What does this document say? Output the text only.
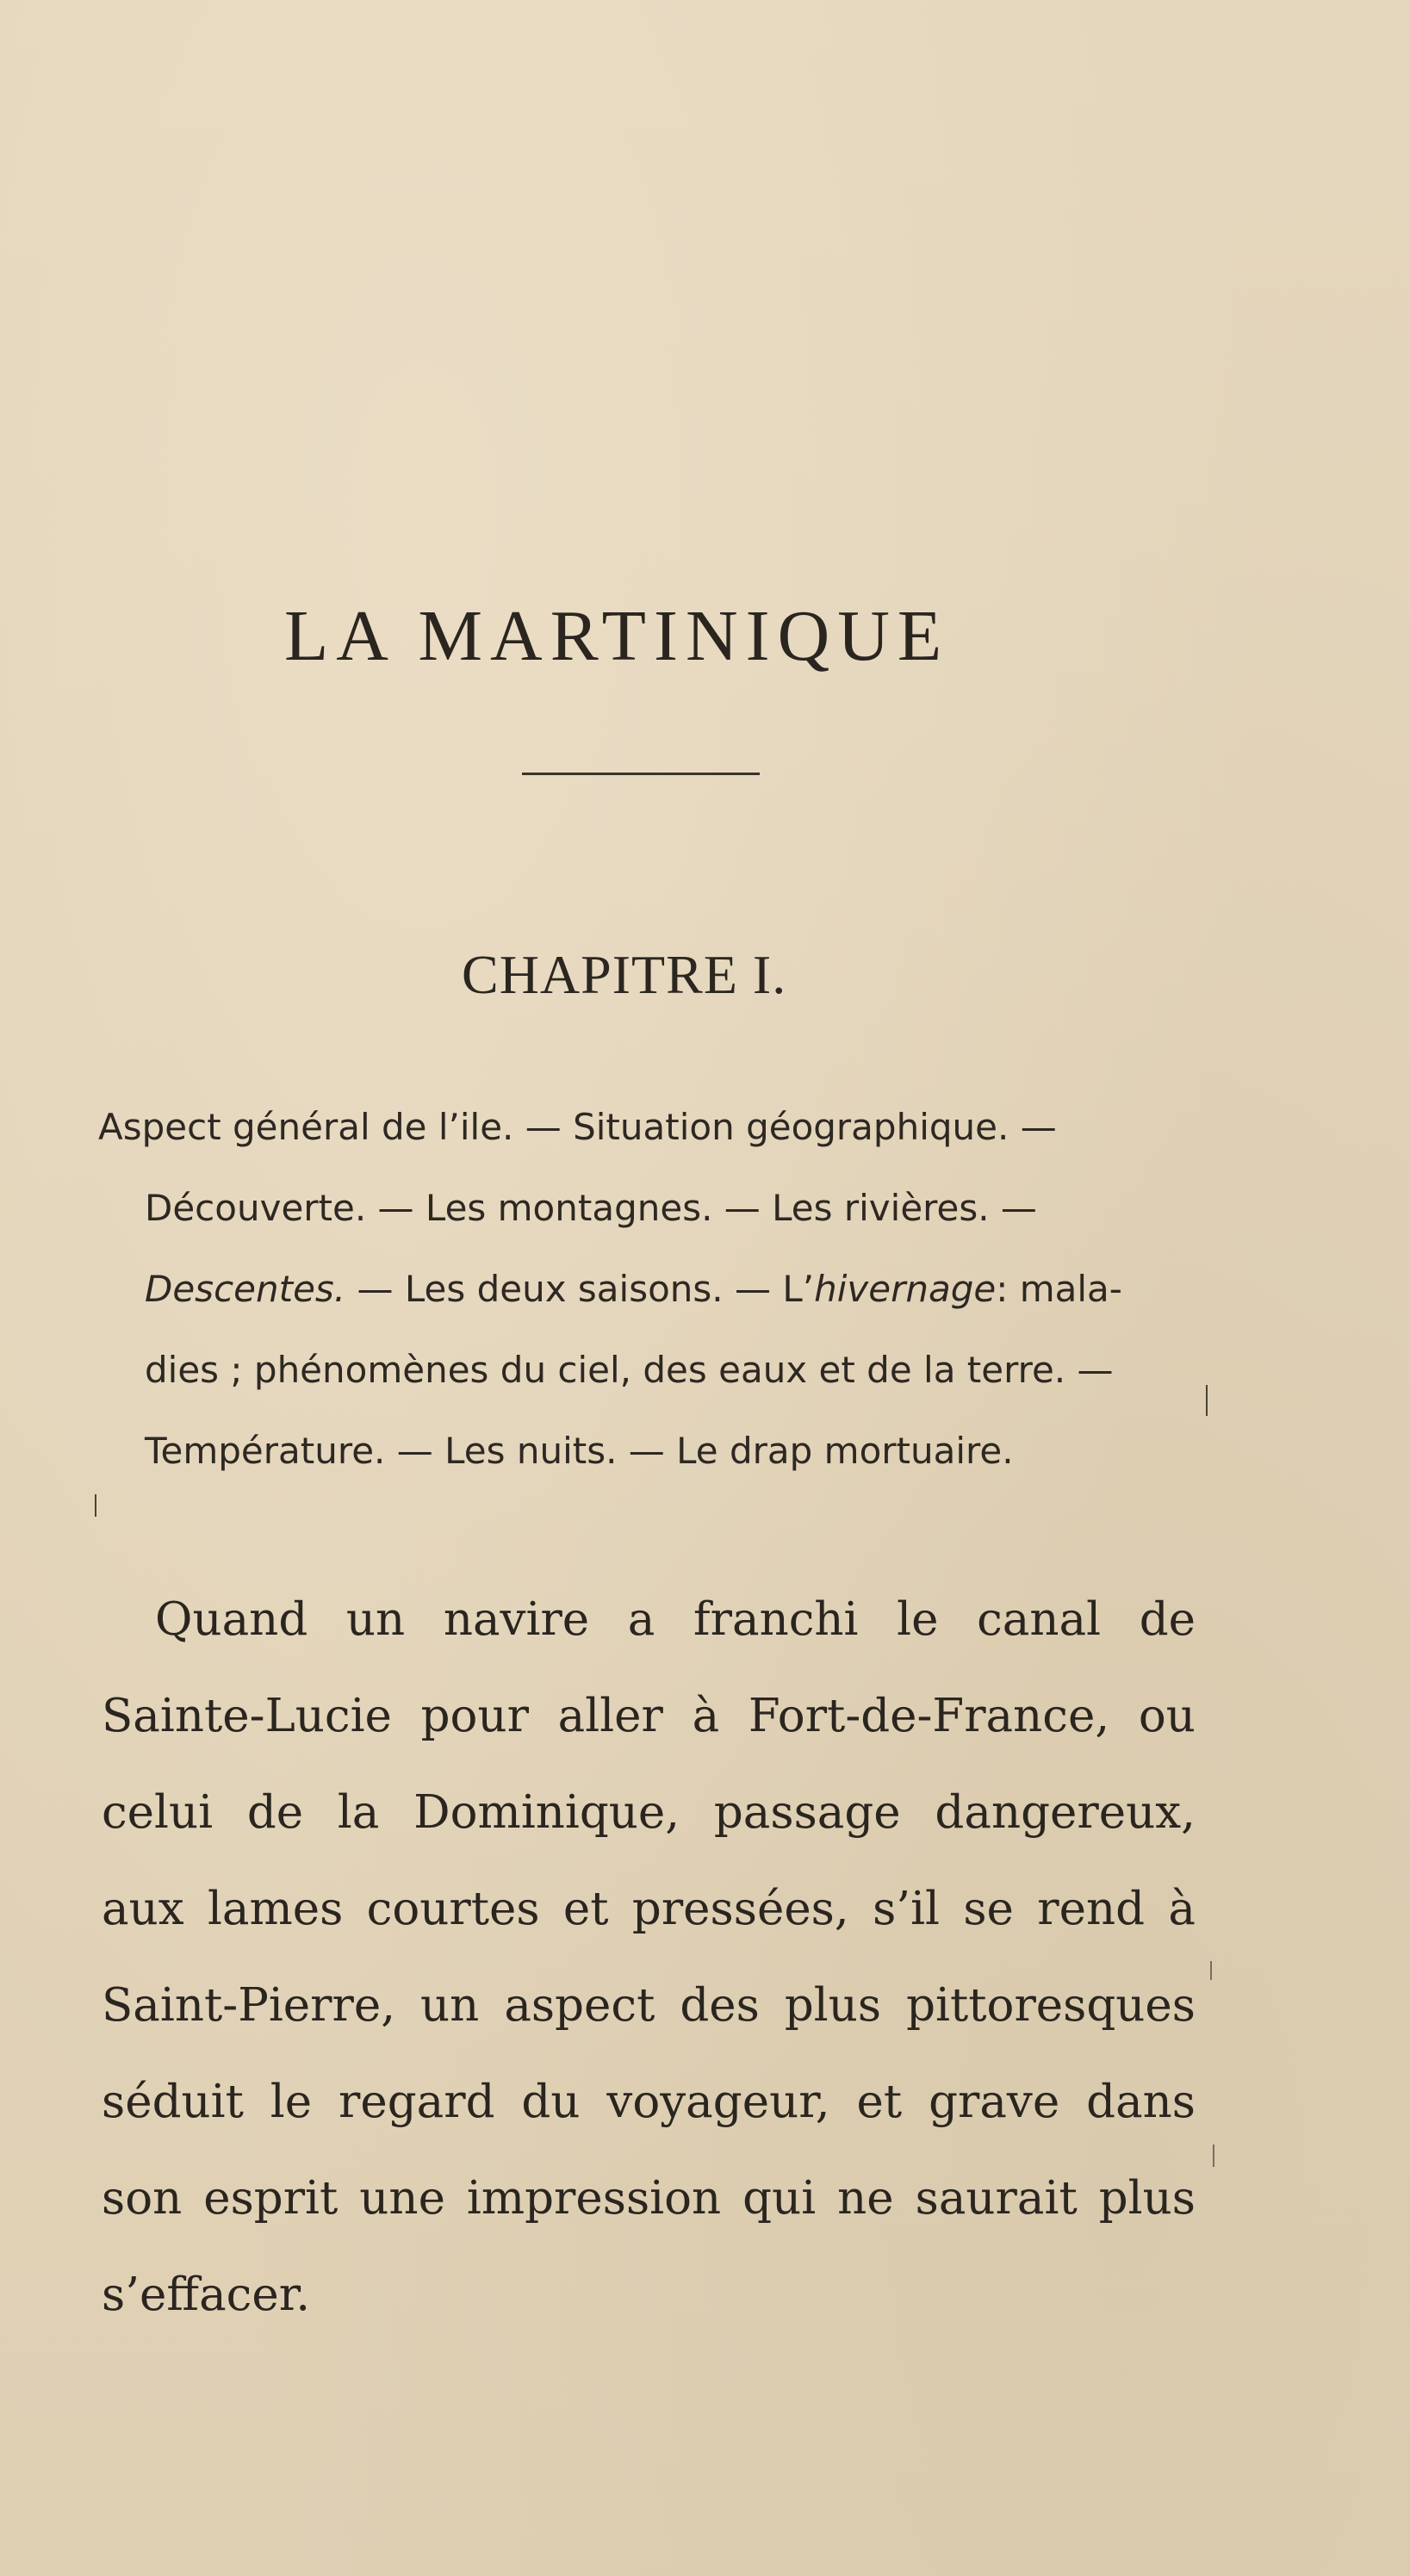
LA MARTINIQUE
CHAPITRE I.
Aspect général de l’ile. — Situation géographique. —
Découverte. — Les montagnes. — Les rivières. —
Descentes. — Les deux saisons. — L’hivernage: mala-
dies ; phénomènes du ciel, des eaux et de la terre. —
Température. — Les nuits. — Le drap mortuaire.
Quand un navire a franchi le canal de
Sainte-Lucie pour aller à Fort-de-France, ou
celui de la Dominique, passage dangereux,
aux lames courtes et pressées, s’il se rend à
Saint-Pierre, un aspect des plus pittoresques
séduit le regard du voyageur, et grave dans
son esprit une impression qui ne saurait plus
s’effacer.
